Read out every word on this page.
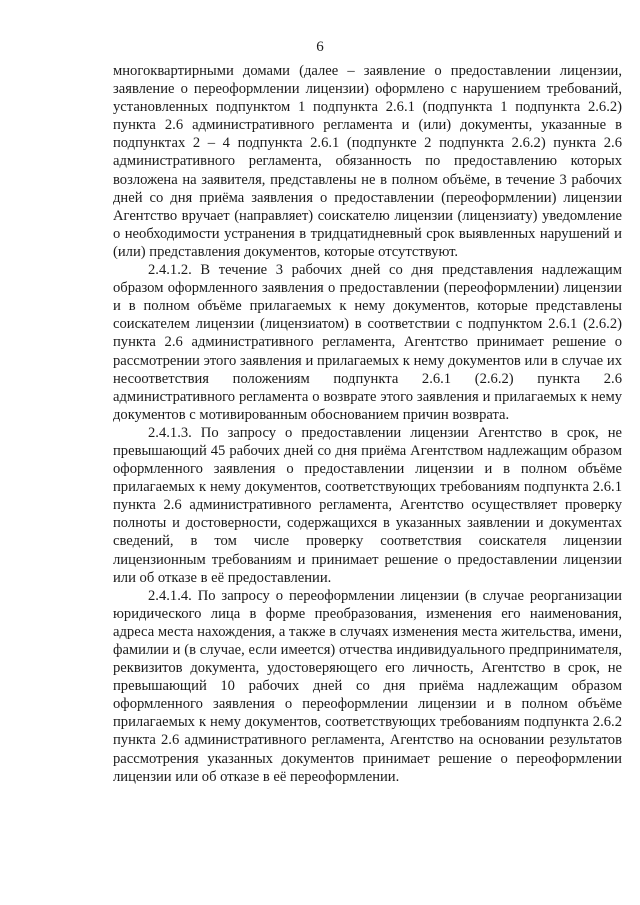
6

многоквартирными домами (далее – заявление о предоставлении лицензии, заявление о переоформлении лицензии) оформлено с нарушением требований, установленных подпунктом 1 подпункта 2.6.1 (подпункта 1 подпункта 2.6.2) пункта 2.6 административного регламента и (или) документы, указанные в подпунктах 2 – 4 подпункта 2.6.1 (подпункте 2 подпункта 2.6.2) пункта 2.6 административного регламента, обязанность по предоставлению которых возложена на заявителя, представлены не в полном объёме, в течение 3 рабочих дней со дня приёма заявления о предоставлении (переоформлении) лицензии Агентство вручает (направляет) соискателю лицензии (лицензиату) уведомление о необходимости устранения в тридцатидневный срок выявленных нарушений и (или) представления документов, которые отсутствуют.

2.4.1.2. В течение 3 рабочих дней со дня представления надлежащим образом оформленного заявления о предоставлении (переоформлении) лицензии и в полном объёме прилагаемых к нему документов, которые представлены соискателем лицензии (лицензиатом) в соответствии с подпунктом 2.6.1 (2.6.2) пункта 2.6 административного регламента, Агентство принимает решение о рассмотрении этого заявления и прилагаемых к нему документов или в случае их несоответствия положениям подпункта 2.6.1 (2.6.2) пункта 2.6 административного регламента о возврате этого заявления и прилагаемых к нему документов с мотивированным обоснованием причин возврата.

2.4.1.3. По запросу о предоставлении лицензии Агентство в срок, не превышающий 45 рабочих дней со дня приёма Агентством надлежащим образом оформленного заявления о предоставлении лицензии и в полном объёме прилагаемых к нему документов, соответствующих требованиям подпункта 2.6.1 пункта 2.6 административного регламента, Агентство осуществляет проверку полноты и достоверности, содержащихся в указанных заявлении и документах сведений, в том числе проверку соответствия соискателя лицензии лицензионным требованиям и принимает решение о предоставлении лицензии или об отказе в её предоставлении.

2.4.1.4. По запросу о переоформлении лицензии (в случае реорганизации юридического лица в форме преобразования, изменения его наименования, адреса места нахождения, а также в случаях изменения места жительства, имени, фамилии и (в случае, если имеется) отчества индивидуального предпринимателя, реквизитов документа, удостоверяющего его личность, Агентство в срок, не превышающий 10 рабочих дней со дня приёма надлежащим образом оформленного заявления о переоформлении лицензии и в полном объёме прилагаемых к нему документов, соответствующих требованиям подпункта 2.6.2 пункта 2.6 административного регламента, Агентство на основании результатов рассмотрения указанных документов принимает решение о переоформлении лицензии или об отказе в её переоформлении.
